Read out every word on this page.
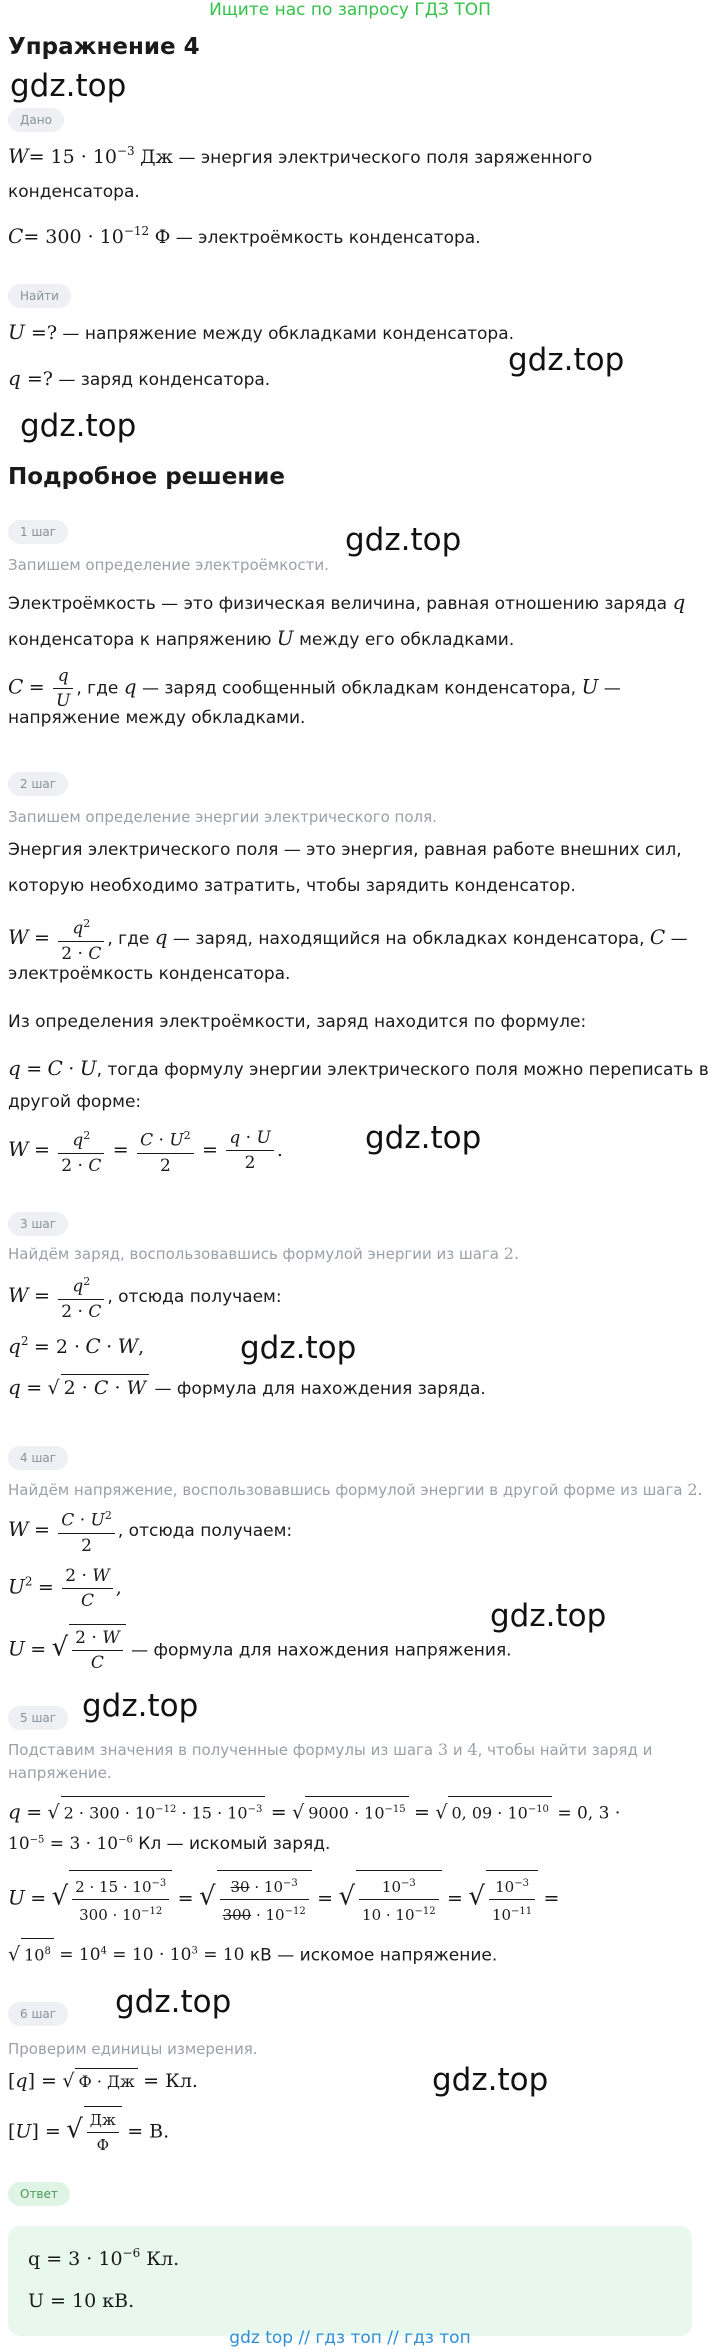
Ищите нас по запросу ГДЗ ТОП
Упражнение 4
gdz.top
Дано
$W= 15 \cdot 10^{-3}$ Дж — энергия электрического поля заряженного
конденсатора.
$C= 300 \cdot 10^{-12}$ Ф — электроёмкость конденсатора.
Найти
U =? — напряжение между обкладками конденсатора.
gdz.top
q =? — заряд конденсатора.
gdz.top
Подробное решение
1 шаг	gdz.top
Запишем определение электроёмкости.
Электроёмкость — это физическая величина, равная отношению заряда q
конденсатора к напряжению U между его обкладками.
$C = \frac{q}{U}$ , где q — заряд сообщенный обкладкам конденсатора, U —
напряжение между обкладками.
2 шаг
Запишем определение энергии электрического поля.
Энергия электрического поля — это энергия, равная работе внешних сил,
которую необходимо затратить, чтобы зарядить конденсатор.
$W = \frac{q^2}{2 \cdot C}$ , где q — заряд, находящийся на обкладках конденсатора, C —
электроёмкость конденсатора.
Из определения электроёмкости, заряд находится по формуле:
q = C · U, тогда формулу энергии электрического поля можно переписать в
другой форме:
$W = \frac{q^2}{2 \cdot C} = \frac{C \cdot U^2}{2} = \frac{q \cdot U}{2}$ .	gdz.top
3 шаг
Найдём заряд, воспользовавшись формулой энергии из шага 2.
$W = \frac{q^2}{2 \cdot C}$ , отсюда получаем:
$q^2 = 2 \cdot C \cdot W$,	gdz.top
q = √ 2 · C · W — формула для нахождения заряда.
4 шаг
Найдём напряжение, воспользовавшись формулой энергии в другой форме из шага 2.
$W = \frac{C \cdot U^2}{2}$ , отсюда получаем:
$U^2 = \frac{2 \cdot W}{C}$ ,
gdz.top
U = √ $\frac{2 \cdot W}{C}$ — формула для нахождения напряжения.
gdz.top
5 шаг
Подставим значения в полученные формулы из шага 3 и 4, чтобы найти заряд и
напряжение.
q = √ $2 \cdot 300 \cdot 10^{-12} \cdot 15 \cdot 10^{-3}$ = √ $9000 \cdot 10^{-15}$ = √ 0, $09 \cdot 10^{-10} = 0$, 3 ·
$10^{-5} = 3 \cdot 10^{-6}$ Кл — искомый заряд.
U = √ $\frac{2 \cdot 15 \cdot 10^{-3}}{300 \cdot 10^{-12}}$ = √ $\frac{30 \cdot 10^{-3}}{300 \cdot 10^{-12}}$ = √ $\frac{10^{-3}}{10 \cdot 10^{-12}}$ = √ $\frac{10^{-3}}{10^{-11}}$ =
√ $10^8 = 10^4 = 10 \cdot 10^3 = 10$ кВ — искомое напряжение.
6 шаг	gdz.top
Проверим единицы измерения.
[q] = √ Ф · Дж = Кл.	gdz.top
[U] = √ $\frac{Дж}{Ф} = В$.
Ответ
$q = 3 \cdot 10^{-6}$ Кл.
U = 10 кВ.
gdz top // гдз топ // гдз топ
